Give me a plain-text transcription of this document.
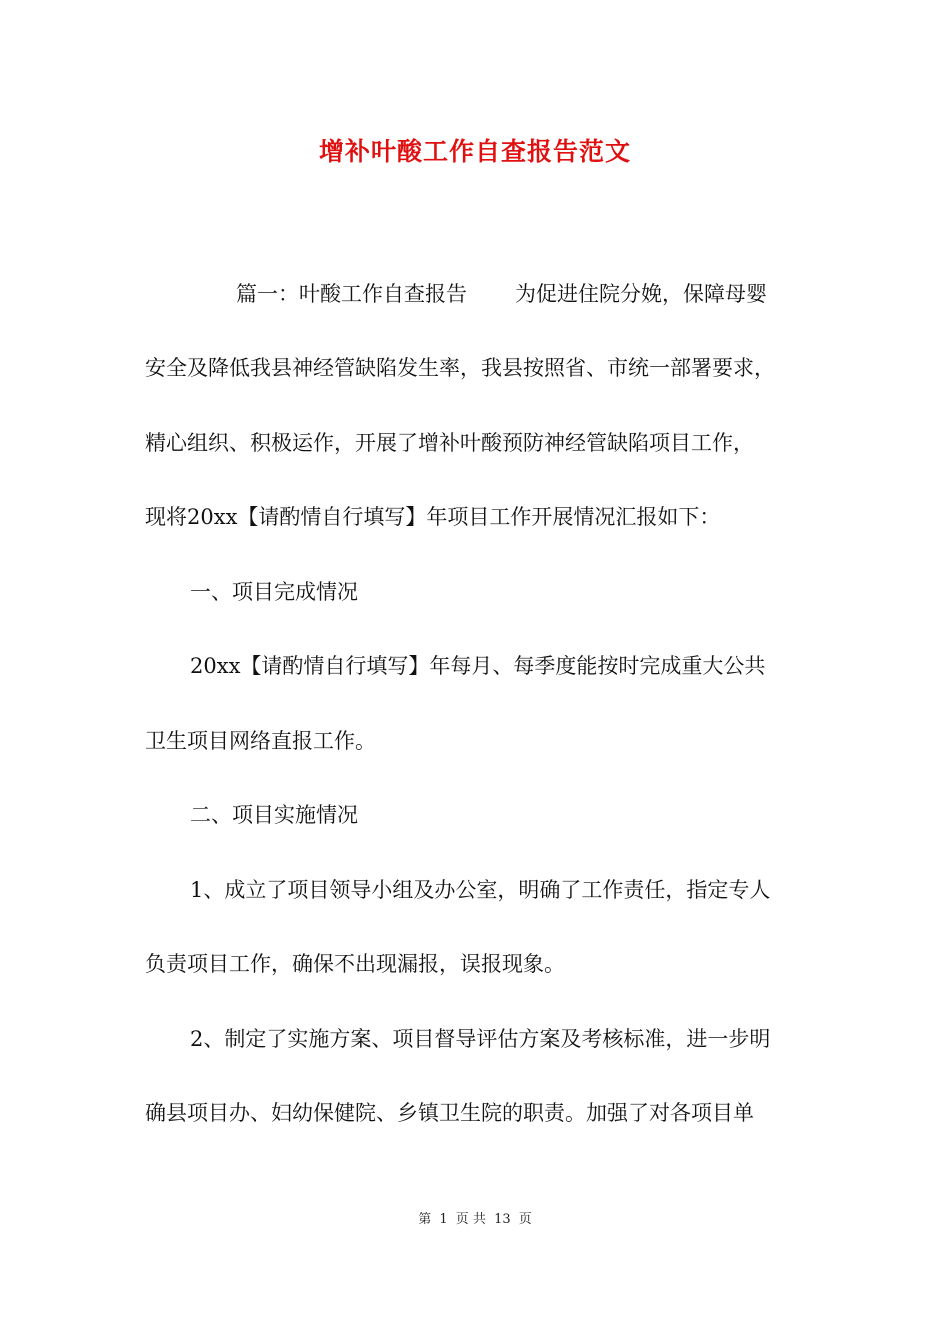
增补叶酸工作自查报告范文

篇一：叶酸工作自查报告 为促进住院分娩，保障母婴

安全及降低我县神经管缺陷发生率，我县按照省、市统一部署要求，

精心组织、积极运作，开展了增补叶酸预防神经管缺陷项目工作，

现将20xx【请酌情自行填写】年项目工作开展情况汇报如下：

一、项目完成情况

20xx【请酌情自行填写】年每月、每季度能按时完成重大公共

卫生项目网络直报工作。

二、项目实施情况

1、成立了项目领导小组及办公室，明确了工作责任，指定专人

负责项目工作，确保不出现漏报，误报现象。

2、制定了实施方案、项目督导评估方案及考核标准，进一步明

确县项目办、妇幼保健院、乡镇卫生院的职责。加强了对各项目单

第 1 页 共 13 页
